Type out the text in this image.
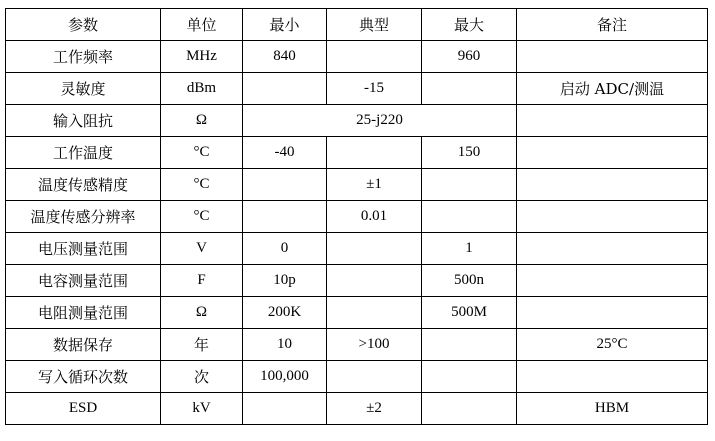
参数	单位	最小	典型	最大	备注
工作频率	MHz	840		960	
灵敏度	dBm		-15		启动 ADC/测温
输入阻抗	Ω	25-j220			
工作温度	°C	-40		150	
温度传感精度	°C		±1		
温度传感分辨率	°C		0.01		
电压测量范围	V	0		1	
电容测量范围	F	10p		500n	
电阻测量范围	Ω	200K		500M	
数据保存	年	10	>100		25°C
写入循环次数	次	100,000			
ESD	kV		±2		HBM
